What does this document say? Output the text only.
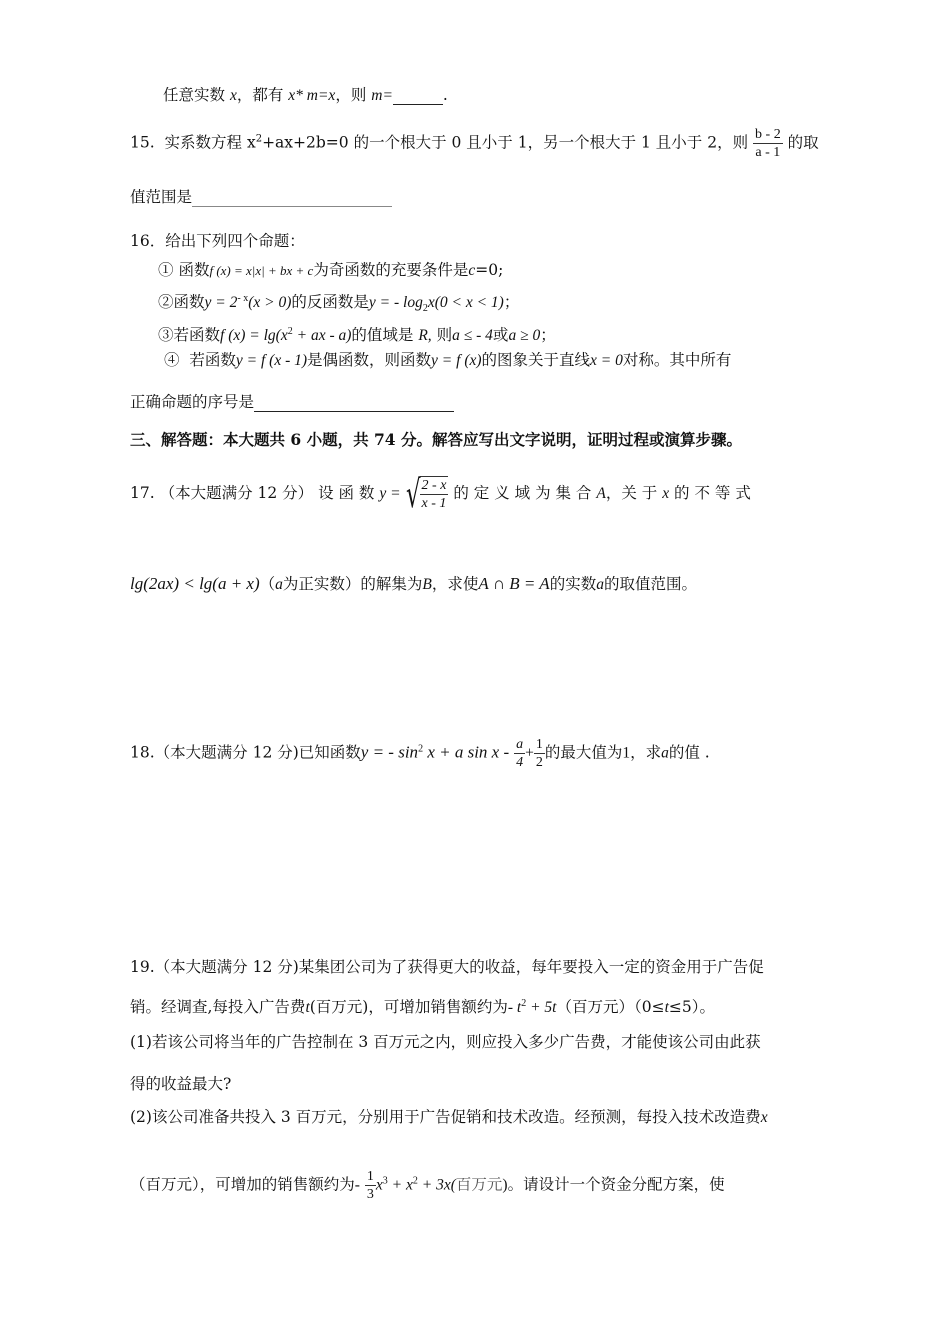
任意实数 x，都有 x* m=x，则 m=	.
15. 实系数方程 $x^2+ax+2b=0$ 的一个根大于 0 且小于 1，另一个根大于 1 且小于 2，则 $\frac{b - 2}{a - 1}$ 的取
值范围是
16．给出下列四个命题：
① 函数f (x) = x|x| + bx + c为奇函数的充要条件是c=0;
②函数$y = 2^{- x}(x > 0)$的反函数是y = - $\log_2x(0 < x < 1)$；
③若函数f $(x) = \lg(x^2$ + ax - a)的值域是 R, 则a ≤ - 4或a ≥ 0；
④ 若函数y = f (x - 1)是偶函数，则函数y = f (x)的图象关于直线x = 0对称。其中所有
正确命题的序号是
三、解答题：本大题共 6 小题，共 74 分。解答应写出文字说明，证明过程或演算步骤。
17. （本大题满分 12 分） 设 函 数 y = √ $\frac{2 - x}{x - 1}$ 的 定 义 域 为 集 合 A，关 于 x 的 不 等 式
lg(2ax) < lg(a + x)（a为正实数）的解集为B，求使A ∩ B = A的实数a的取值范围。
18.（本大题满分 12 分)已知函数y = - $\sin^2 x + a$ $\sin x - \frac{a}{4} + \frac{1}{2}$ 的最大值为1，求a的值 .
19.（本大题满分 12 分)某集团公司为了获得更大的收益，每年要投入一定的资金用于广告促
销。经调查,每投入广告费t(百万元)，可增加销售额约为- $t^2 + 5t$（百万元）（0≤t≤5）。
(1)若该公司将当年的广告控制在 3 百万元之内，则应投入多少广告费，才能使该公司由此获
得的收益最大?
(2)该公司准备共投入 3 百万元，分别用于广告促销和技术改造。经预测，每投入技术改造费x
（百万元），可增加的销售额约为- $\frac{1}{3} x^3 + x^2 + 3x$(百万元)。请设计一个资金分配方案，使
